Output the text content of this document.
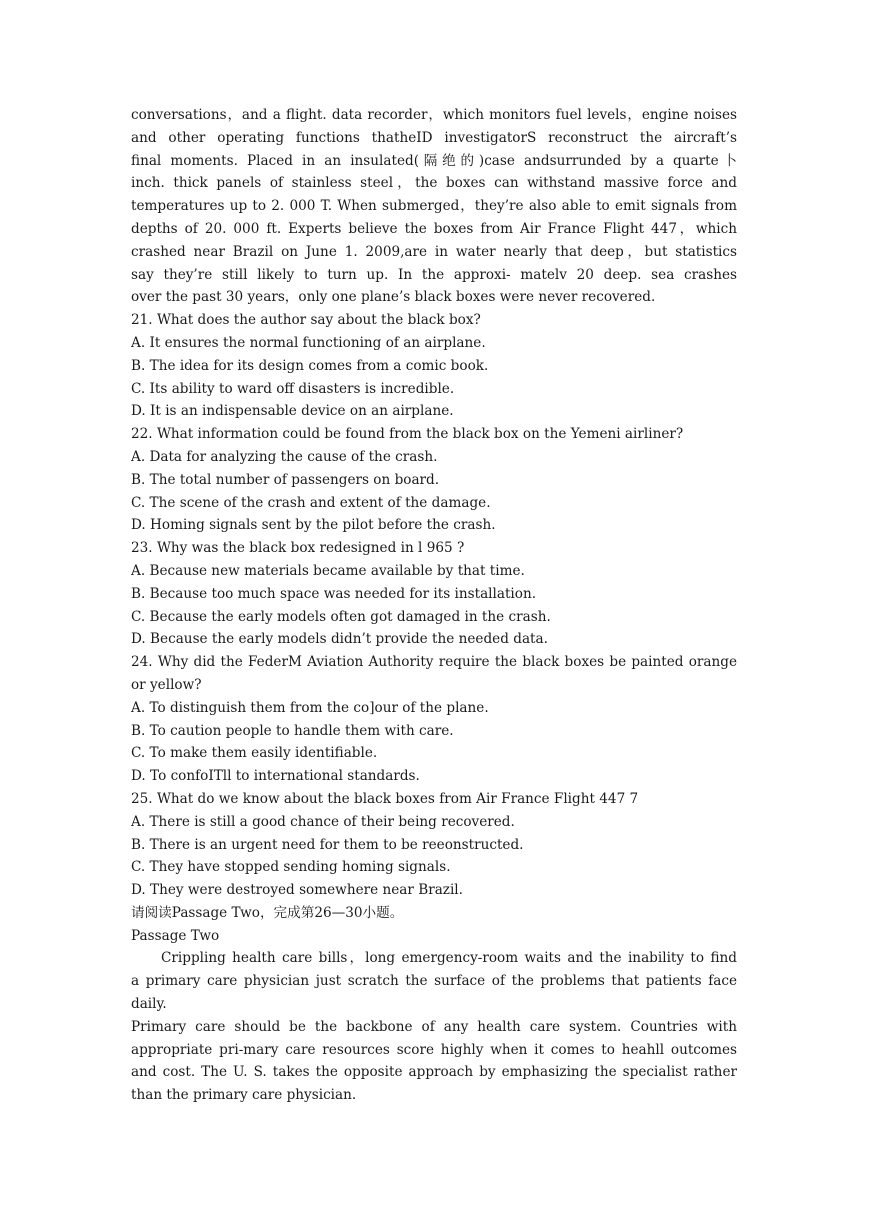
conversations，and a flight. data recorder，which monitors fuel levels，engine noises
and other operating functions thatheID investigatorS reconstruct the aircraft’s
final moments. Placed in an insulated(隔绝的)case andsurrunded by a quarte卜
inch. thick panels of stainless steel，the boxes can withstand massive force and
temperatures up to 2. 000 T. When submerged，they’re also able to emit signals from
depths of 20. 000 ft. Experts believe the boxes from Air France Flight 447，which
crashed near Brazil on June 1. 2009,are in water nearly that deep，but statistics
say they’re still likely to turn up. In the approxi- matelv 20 deep. sea crashes
over the past 30 years，only one plane’s black boxes were never recovered.
21. What does the author say about the black box?
A. It ensures the normal functioning of an airplane.
B. The idea for its design comes from a comic book.
C. Its ability to ward off disasters is incredible.
D. It is an indispensable device on an airplane.
22. What information could be found from the black box on the Yemeni airliner?
A. Data for analyzing the cause of the crash.
B. The total number of passengers on board.
C. The scene of the crash and extent of the damage.
D. Homing signals sent by the pilot before the crash.
23. Why was the black box redesigned in l 965 ?
A. Because new materials became available by that time.
B. Because too much space was needed for its installation.
C. Because the early models often got damaged in the crash.
D. Because the early models didn’t provide the needed data.
24. Why did the FederM Aviation Authority require the black boxes be painted orange
or yellow?
A. To distinguish them from the co]our of the plane.
B. To caution people to handle them with care.
C. To make them easily identifiable.
D. To confoITll to international standards.
25. What do we know about the black boxes from Air France Flight 447 7
A. There is still a good chance of their being recovered.
B. There is an urgent need for them to be reeonstructed.
C. They have stopped sending homing signals.
D. They were destroyed somewhere near Brazil.
请阅读Passage Two，完成第26—30小题。
Passage Two
Crippling health care bills，long emergency-room waits and the inability to find
a primary care physician just scratch the surface of the problems that patients face
daily.
Primary care should be the backbone of any health care system. Countries with
appropriate pri-mary care resources score highly when it comes to heahll outcomes
and cost. The U. S. takes the opposite approach by emphasizing the specialist rather
than the primary care physician.
